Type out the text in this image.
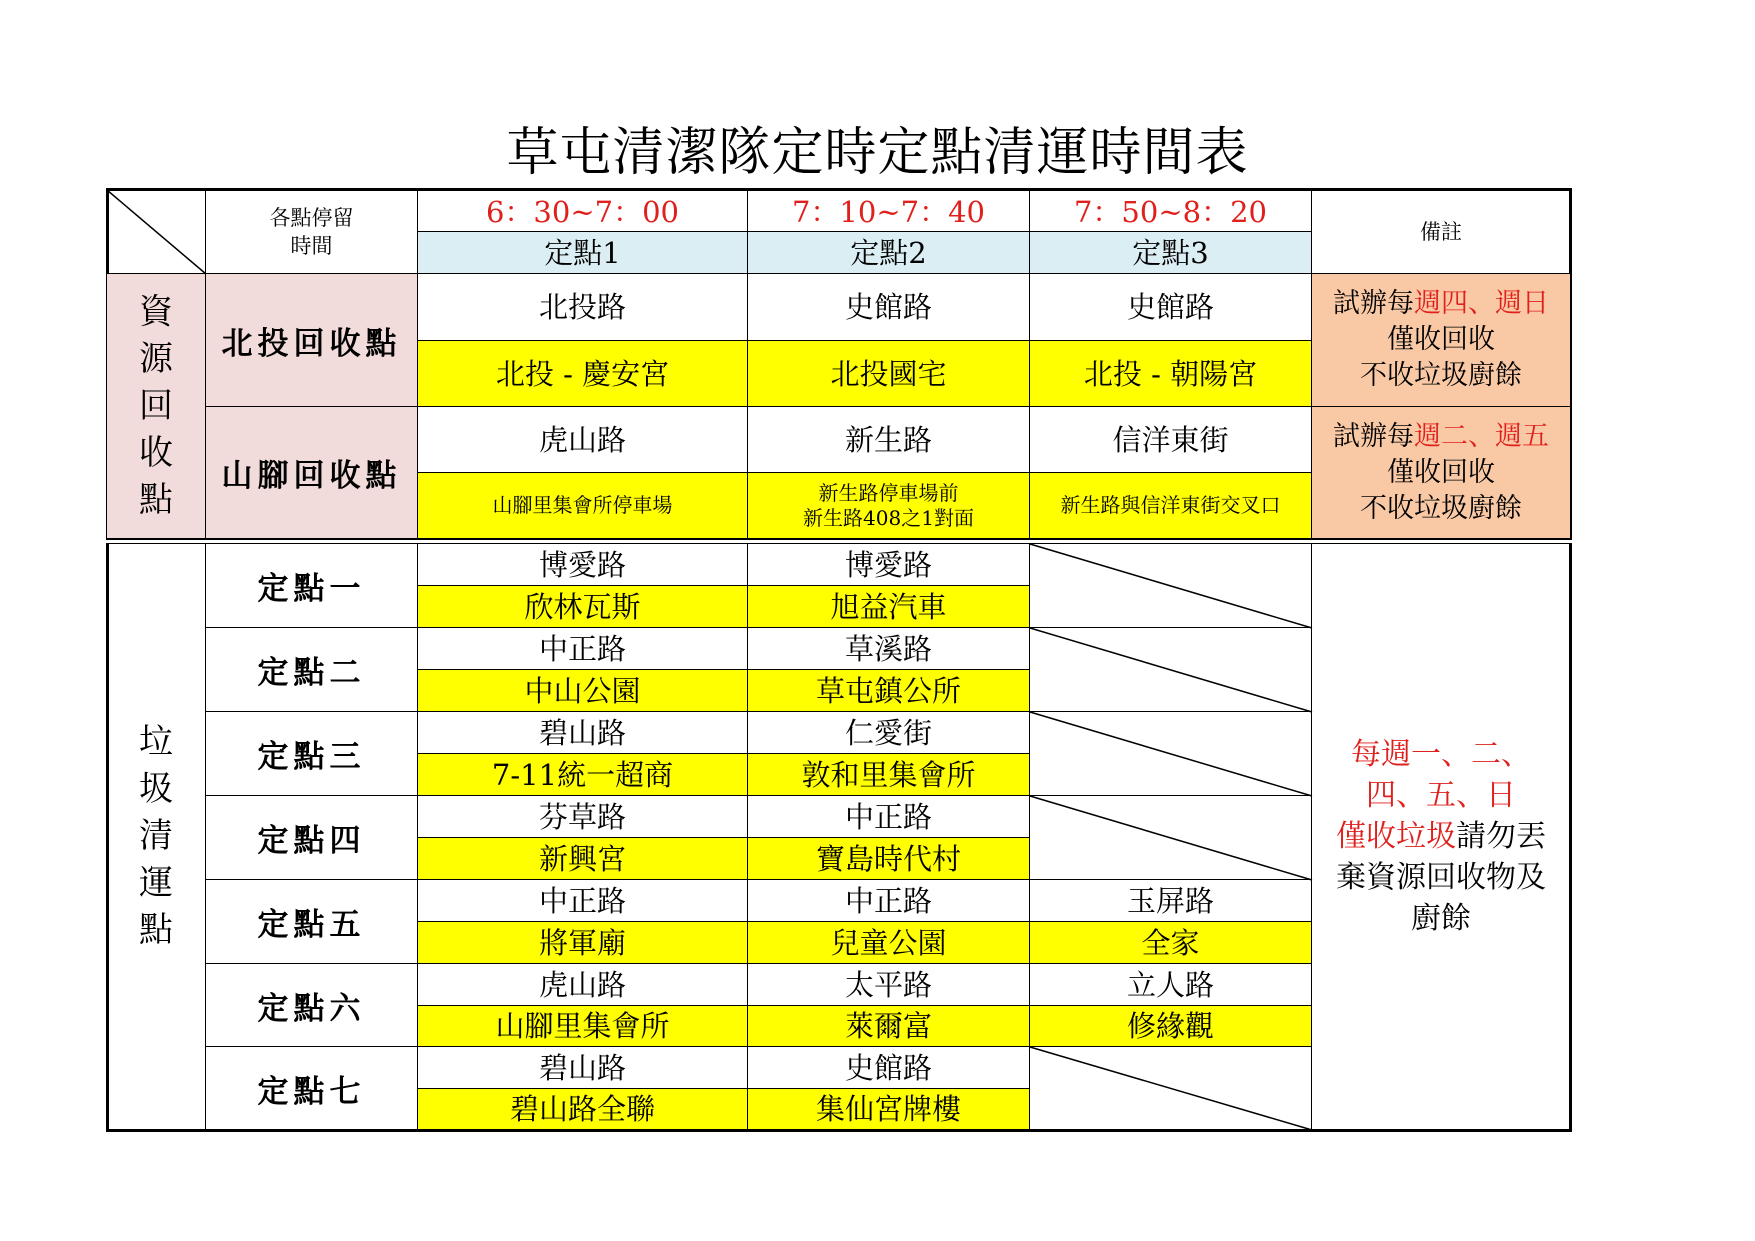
草屯清潔隊定時定點清運時間表
各點停留
時間
6：30~7：00
定點1
7：10~7：40
定點2
7：50~8：20
定點3
備註
資
源
回
收
點
北投回收點
北投路
北投 - 慶安宮
史館路
北投國宅
史館路
北投 - 朝陽宮
試辦每週四、週日
僅收回收
不收垃圾廚餘
山腳回收點
虎山路
山腳里集會所停車場
新生路
新生路停車場前
新生路408之1對面
信洋東街
新生路與信洋東街交叉口
試辦每週二、週五
僅收回收
不收垃圾廚餘
垃
圾
清
運
點
定點一
博愛路
欣林瓦斯
博愛路
旭益汽車
定點二
中正路
中山公園
草溪路
草屯鎮公所
定點三
碧山路
7-11統一超商
仁愛街
敦和里集會所
定點四
芬草路
新興宮
中正路
寶島時代村
定點五
中正路
將軍廟
中正路
兒童公園
玉屏路
全家
定點六
虎山路
山腳里集會所
太平路
萊爾富
立人路
修緣觀
定點七
碧山路
碧山路全聯
史館路
集仙宮牌樓
每週一、二、
四、五、日
僅收垃圾請勿丟
棄資源回收物及
廚餘
